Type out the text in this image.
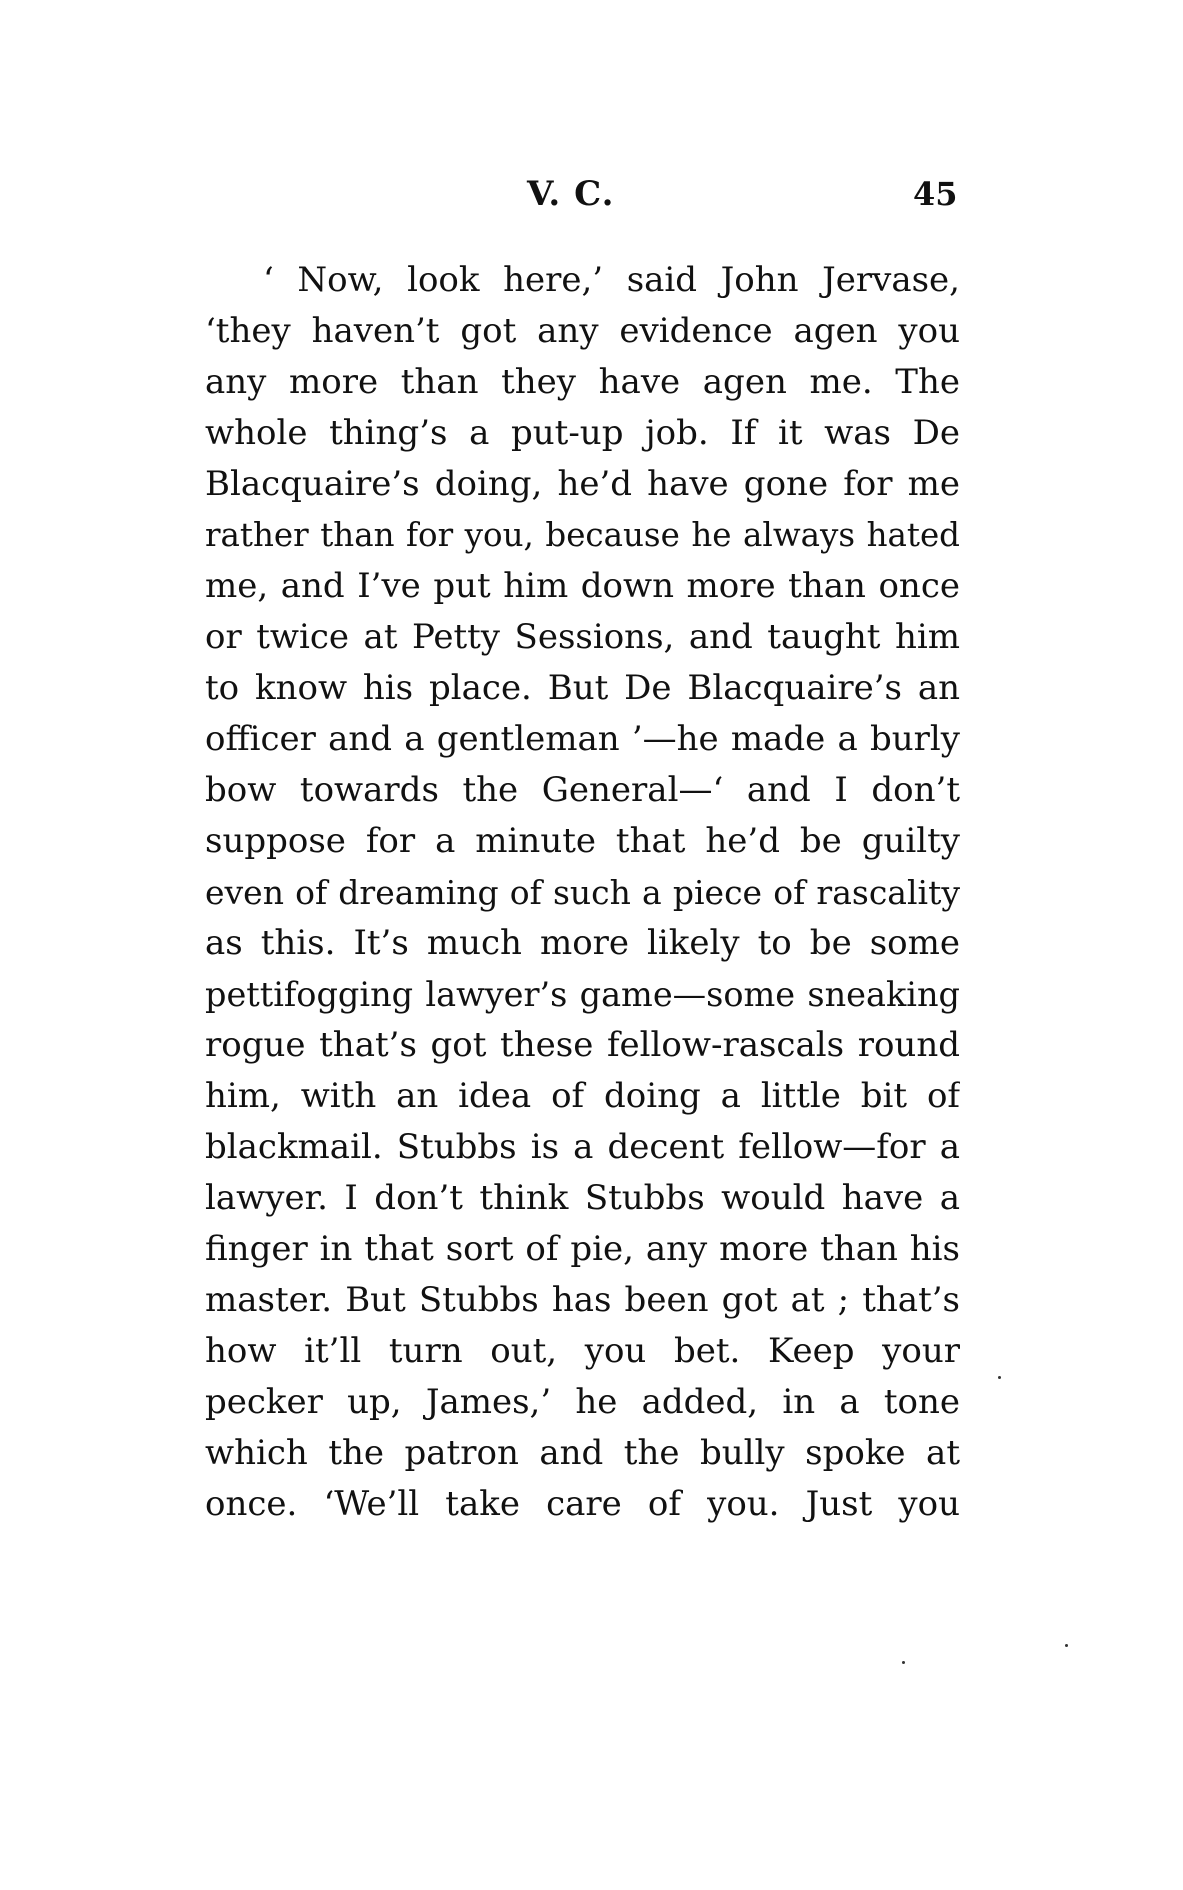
V. C.	45
‘ Now, look here,’ said John Jervase,
‘they haven’t got any evidence agen you
any more than they have agen me. The
whole thing’s a put-up job. If it was De
Blacquaire’s doing, he’d have gone for me
rather than for you, because he always hated
me, and I’ve put him down more than once
or twice at Petty Sessions, and taught him
to know his place. But De Blacquaire’s an
officer and a gentleman ’—he made a burly
bow towards the General—‘ and I don’t
suppose for a minute that he’d be guilty
even of dreaming of such a piece of rascality
as this. It’s much more likely to be some
pettifogging lawyer’s game—some sneaking
rogue that’s got these fellow-rascals round
him, with an idea of doing a little bit of
blackmail. Stubbs is a decent fellow—for a
lawyer. I don’t think Stubbs would have a
finger in that sort of pie, any more than his
master. But Stubbs has been got at ; that’s
how it’ll turn out, you bet. Keep your
pecker up, James,’ he added, in a tone
which the patron and the bully spoke at
once. ‘We’ll take care of you. Just you
